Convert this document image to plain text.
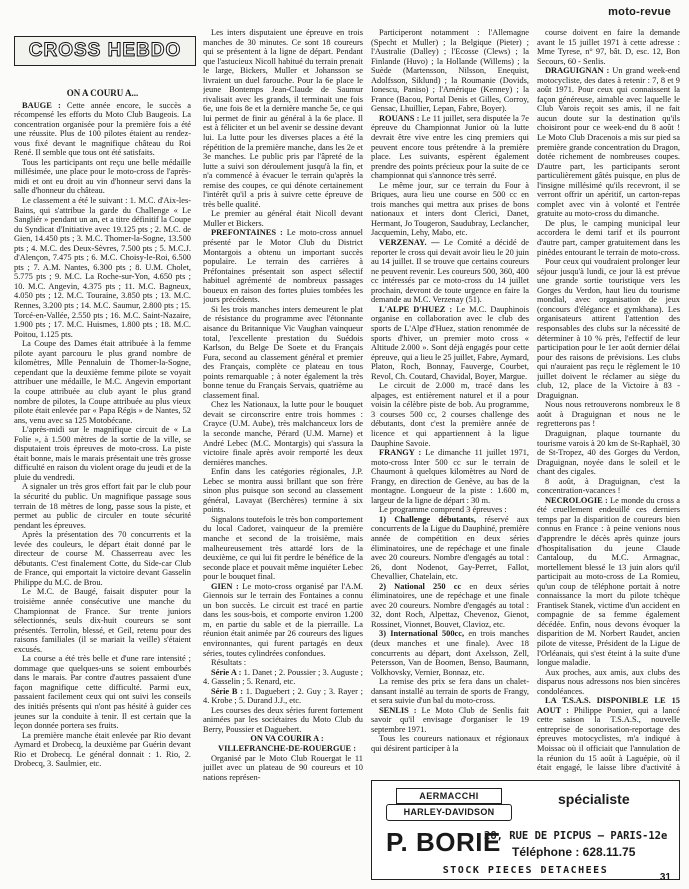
moto-revue
CROSS HEBDO
ON A COURU A...

BAUGE : Cette année encore, le succès a récompensé les efforts du Moto Club Baugeois. La concentration organisée pour la première fois a été une réussite. Plus de 100 pilotes étaient au rendez-vous fixé devant le magnifique château du Roi René. Il semble que tous ont été satisfaits.

Tous les participants ont reçu une belle médaille millésimée, une place pour le moto-cross de l'après-midi et ont eu droit au vin d'honneur servi dans la salle d'honneur du château.

Le classement a été le suivant : 1. M.C. d'Aix-les-Bains, qui s'attribue la garde du Challenge « Le Sangliér » pendant un an, et a titre définitif la Coupe du Syndicat d'Initiative avec 19.125 pts ; 2. M.C. de Gien, 14.450 pts ; 3. M.C. Thomer-la-Sogne, 13.500 pts ; 4. M.C. des Deux-Sèvres, 7.500 pts ; 5. M.C.J. d'Alençon, 7.475 pts ; 6. M.C. Choisy-le-Roi, 6.500 pts ; 7. A.M. Nantes, 6.300 pts ; 8. U.M. Cholet, 5.775 pts ; 9. M.C. La Roche-sur-Yon, 4.650 pts ; 10. M.C. Angevin, 4.375 pts ; 11. M.C. Bagneux, 4.050 pts ; 12. M.C. Touraine, 3.850 pts ; 13. M.C. Rennes, 3.200 pts ; 14. M.C. Saumur, 2.800 pts ; 15. Torcé-en-Vallée, 2.550 pts ; 16. M.C. Saint-Nazaire, 1.900 pts ; 17. M.C. Huismes, 1.800 pts ; 18. M.C. Poitou, 1.125 pts.

La Coupe des Dames était attribuée à la femme pilote ayant parcouru le plus grand nombre de kilomètres, Mlle Pennaluin de Thomer-la-Sogne, cependant que la deuxième femme pilote se voyait attribuer une médaille, le M.C. Angevin emportant la coupe attribuée au club ayant le plus grand nombre de pilotes, la Coupe attribuée au plus vieux pilote était enlevée par « Papa Régis » de Nantes, 52 ans, venu avec sa 125 Motobécane.

L'après-midi sur le magnifique circuit de « La Folie », à 1.500 mètres de la sortie de la ville, se disputaient trois épreuves de moto-cross. La piste était bonne, mais le marais présentait une très grosse difficulté en raison du violent orage du jeudi et de la pluie du vendredi.

A signaler un très gros effort fait par le club pour la sécurité du public. Un magnifique passage sous terrain de 18 mètres de long, passe sous la piste, et permet au public de circuler en toute sécurité pendant les épreuves.

Après la présentation des 70 concurrents et la levée des couleurs, le départ était donné par le directeur de course M. Chasserreau avec les débutants. C'est finalement Cotte, du Side-car Club de France, qui emportait la victoire devant Gasselin Philippe du M.C. de Brou.

Le M.C. de Baugé, faisait disputer pour la troisième année consécutive une manche du Championnat de France. Sur trente juniors sélectionnés, seuls dix-huit coureurs se sont présentés. Terrolin, blessé, et Geil, retenu pour des raisons familiales (il se mariait la veille) s'étaient excusés.

La course a été très belle et d'une rare intensité ; dommage que quelques-uns se soient embourbés dans le marais. Par contre d'autres passaient d'une façon magnifique cette difficulté. Parmi eux, passaient facilement ceux qui ont suivi les conseils des initiés présents qui n'ont pas hésité à guider ces jeunes sur la conduite à tenir. Il est certain que la leçon donnée portera ses fruits.

La première manche était enlevée par Rio devant Aymard et Drobecq, la deuxième par Guérin devant Rio et Drobecq. Le général donnait : 1. Rio, 2. Drobecq, 3. Saulmier, etc.

Les inters disputaient une épreuve en trois manches de 30 minutes. Ce sont 18 coureurs qui se présentent à la ligne de départ. Pendant que l'astucieux Nicoll habitué du terrain prenait le large, Bickers, Muller et Johansson se livraient un duel farouche. Pour la 6e place le jeune Bontemps Jean-Claude de Saumur rivalisait avec les grands, il terminait une fois 6e, une fois 8e et la dernière manche 5e, ce qui lui permet de finir au général à la 6e place. Il est à féliciter et un bel avenir se dessine devant lui. La lutte pour les diverses places a été la répétition de la première manche, dans les 2e et 3e manches. Le public pris par l'âpreté de la lutte a suivi son déroulement jusqu'à la fin, et n'a commencé à évacuer le terrain qu'après la remise des coupes, ce qui dénote certainement l'intérêt qu'il a pris à suivre cette épreuve de très belle qualité.

Le premier au général était Nicoll devant Muller et Bickers.

PREFONTAINES : Le moto-cross annuel présenté par le Motor Club du District Montargois a obtenu un important succès populaire. Le terrain des carrières à Préfontaines présentait son aspect sélectif habituel agrémenté de nombreux passages boueux en raison des fortes pluies tombées les jours précédents.

Si les trois manches inters demeurent le plat de résistance du programme avec l'étonnante aisance du Britannique Vic Vaughan vainqueur total, l'excellente prestation du Suédois Karlson, du Belge De Soete et du Français Fura, second au classement général et premier des Français, complète ce plateau en tous points remarquable ; à noter également la très bonne tenue du Français Servais, quatrième au classement final.

Chez les Nationaux, la lutte pour le bouquet devait se circonscrire entre trois hommes : Crayce (U.M. Aube), très malchanceux lors de la seconde manche, Pérard (U.M. Marne) et André Lebec (M.C. Montargis) qui s'assura la victoire finale après avoir remporté les deux dernières manches.

Enfin dans les catégories régionales, J.P. Lebec se montra aussi brillant que son frère sinon plus puisque son second au classement général, Lavayat (Berchères) termine à six points.

Signalons toutefois le très bon comportement du local Cadoret, vainqueur de la première manche et second de la troisième, mais malheureusement très attardé lors de la deuxième, ce qui lui fit perdre le bénéfice de la seconde place et pouvait même inquiéter Lebec pour le bouquet final.

GIEN : Le moto-cross organisé par l'A.M. Giennois sur le terrain des Fontaines a connu un bon succès. Le circuit est tracé en partie dans les sous-bois, et comporte environ 1.200 m, en partie du sable et de la pierraille. La réunion était animée par 26 coureurs des ligues environnantes, qui furent partagés en deux séries, toutes cylindrées confondues.

Résultats :

Série A : 1. Danet ; 2. Poussier ; 3. Auguste ; 4. Gasselin ; 5. Renard, etc.

Série B : 1. Daguebert ; 2. Guy ; 3. Rayer ; 4. Krobe ; 5. Durand J.J., etc.

Les courses des deux séries furent fortement animées par les sociétaires du Moto Club du Berry, Poussier et Daguebert.

ON VA COURIR A :

VILLEFRANCHE-DE-ROUERGUE :

Organisé par le Moto Club Rouergat le 11 juillet avec un plateau de 90 coureurs et 10 nations représen-

Participeront notamment : l'Allemagne (Specht et Muller) ; la Belgique (Pieter) ; l'Australie (Dalley) ; l'Ecosse (Clews) ; la Finlande (Huvo) ; la Hollande (Willems) ; la Suède (Martensson, Nilsson, Enequist, Adolfsson, Siklund) ; la Roumanie (Dovids, Ionescu, Paniso) ; l'Amérique (Kenney) ; la France (Bacou, Portal Denis et Gilles, Corroy, Gensac, Lhuillier, Lepan, Fabre, Boyer).

ROUANS : Le 11 juillet, sera disputée la 7e épreuve du Championnat Junior où la lutte devrait être vive entre les cinq premiers qui peuvent encore tous prétendre à la première place. Les suivants, espèrent également prendre des points précieux pour la suite de ce championnat qui s'annonce très serré.

Le même jour, sur ce terrain du Four à Briques, aura lieu une course en 500 cc en trois manches qui mettra aux prises de bons nationaux et inters dont Clerici, Danet, Hermant, Jo Tougeron, Saudubray, Leclancher, Jacquemin, Lehy, Mabo, etc.

VERZENAY. — Le Comité a décidé de reporter le cross qui devait avoir lieu le 20 juin au 14 juillet. Il se trouve que certains coureurs ne peuvent revenir. Les coureurs 500, 360, 400 cc intéressés par ce moto-cross du 14 juillet prochain, devront de toute urgence en faire la demande au M.C. Verzenay (51).

L'ALPE D'HUEZ : Le M.C. Dauphinois organise en collaboration avec le club des sports de L'Alpe d'Huez, station renommée de sports d'hiver, un premier moto cross « Altitude 2.000 ». Sont déjà engagés pour cette épreuve, qui a lieu le 25 juillet, Fabre, Aymard, Platon, Roch, Bonnay, Fauverge, Courbet, Revol, Ch. Coutard, Chavidal, Boyer, Margue.

Le circuit de 2.000 m, tracé dans les alpages, est entièrement naturel et il a pour voisin la célèbre piste de bob. Au programme, 3 courses 500 cc, 2 courses challenge des débutants, dont c'est la première année de licence et qui appartiennent à la ligue Dauphine Savoie.

FRANGY : Le dimanche 11 juillet 1971, moto-cross Inter 500 cc sur le terrain de Chaumont à quelques kilomètres au Nord de Frangy, en direction de Genève, au bas de la montagne. Longueur de la piste : 1.600 m, largeur de la ligne de départ : 30 m.

Le programme comprend 3 épreuves :

1) Challenge débutants, réservé aux concurrents de la Ligue du Dauphiné, première année de compétition en deux séries éliminatoires, une de repéchage et une finale avec 20 coureurs. Nombre d'engagés au total : 26, dont Nodenot, Gay-Perret, Fallot, Chevallier, Chatelain, etc.

2) National 250 cc en deux séries éliminatoires, une de repéchage et une finale avec 20 coureurs. Nombre d'engagés au total : 32, dont Roch, Alpettaz, Chevenoz, Gienot, Rossinet, Vionnet, Bouvet, Clavioz, etc.

3) International 500cc, en trois manches (deux manches et une finale). Avec 18 concurrents au départ, dont Axelsson, Zell, Petersson, Van de Boomen, Benso, Baumann, Volkhovsky, Vernier, Bonnaz, etc.

La remise des prix se fera dans un chalet-dansant installé au terrain de sports de Frangy, et sera suivie d'un bal du moto-cross.

SENLIS : Le Moto Club de Senlis fait savoir qu'il envisage d'organiser le 19 septembre 1971.

Tous les coureurs nationaux et régionaux qui désirent participer à la

course doivent en faire la demande avant le 15 juillet 1971 à cette adresse : Mme Tyrese, n° 97, bât. D, esc. 12, Bon Secours, 60 - Senlis.

DRAGUIGNAN : Un grand week-end motocycliste, des dates à retenir : 7, 8 et 9 août 1971. Pour ceux qui connaissent la façon généreuse, aimable avec laquelle le Club Varois reçoit ses amis, il ne fait aucun doute sur la destination qu'ils choisiront pour ce week-end du 8 août ! Le Moto Club Dracenois a mis sur pied sa première grande concentration du Dragon, dotée richement de nombreuses coupes. D'autre part, les participants seront particulièrement gâtés puisque, en plus de l'insigne millésimé qu'ils recevront, il se verront offrir un apéritif, un carton-repas complet avec vin à volonté et l'entrée gratuite au moto-cross du dimanche.

De plus, le camping municipal leur accordera le demi tarif et ils pourront d'autre part, camper gratuitement dans les pinèdes entourant le terrain de moto-cross.

Pour ceux qui voudraient prolonger leur séjour jusqu'à lundi, ce jour là est prévue une grande sortie touristique vers les Gorges du Verdon, haut lieu du tourisme mondial, avec organisation de jeux (concours d'élégance et gymkhana). Les organisateurs attirent l'attention des responsables des clubs sur la nécessité de déterminer à 10 % près, l'effectif de leur participation pour le 1er août dernier délai pour des raisons de prévisions. Les clubs qui n'auraient pas reçu le règlement le 10 juillet doivent le réclamer au siège du club, 12, place de la Victoire à 83 - Draguignan.

Nous nous retrouverons nombreux le 8 août à Draguignan et nous ne le regretterons pas !

Draguignan, plaque tournante du tourisme varois à 20 km de St-Raphaël, 30 de St-Tropez, 40 des Gorges du Verdon, Draguignan, noyée dans le soleil et le chant des cigales.

8 août, à Draguignan, c'est la concentration-vacances !

NECROLOGIE : Le monde du cross a été cruellement endeuillé ces derniers temps par la disparition de coureurs bien connus en France : à peine venions nous d'apprendre le décès après quinze jours d'hospitalisation du jeune Claude Cantaloup, du M.C. Armagnac, mortellement blessé le 13 juin alors qu'il participait au moto-cross de La Romieu, qu'un coup de téléphone portait à notre connaissance la mort du pilote tchèque Frantisek Stanek, victime d'un accident en compagnie de sa femme également décédée. Enfin, nous devons évoquer la disparition de M. Norbert Raudet, ancien pilote de vitesse, Président de la Ligue de l'Orléanais, qui s'est éteint à la suite d'une longue maladie.

Aux proches, aux amis, aux clubs des disparus nous adressons nos bien sincères condoléances.

LA T.S.A.S. DISPONIBLE LE 15 AOUT : Philippe Pomier, qui a lancé cette saison la T.S.A.S., nouvelle entreprise de sonorisation-reportage des épreuves motocyclistes, m'a indiqué à Moissac où il officiait que l'annulation de la réunion du 15 août à Laguépie, où il était engagé, le laisse libre d'activité à

AERMACCHI
HARLEY-DAVIDSON
spécialiste
P. BORIE
28, RUE DE PICPUS – PARIS-12e
Téléphone : 628.11.75
STOCK PIECES DETACHEES
31
